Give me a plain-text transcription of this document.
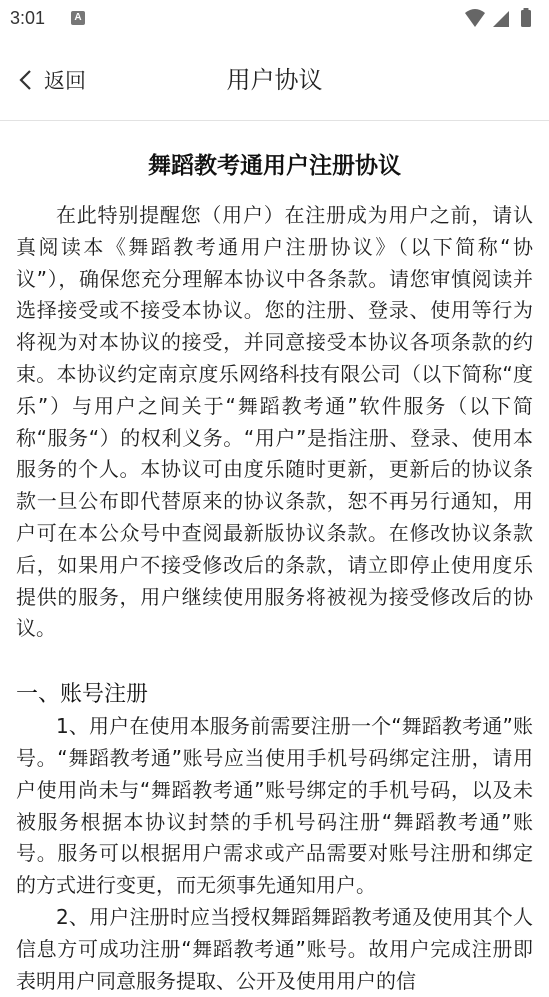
3:01	A
返回	用户协议
舞蹈教考通用户注册协议

在此特别提醒您（用户）在注册成为用户之前，请认真阅读本《舞蹈教考通用户注册协议》（以下简称“协议”），确保您充分理解本协议中各条款。请您审慎阅读并选择接受或不接受本协议。您的注册、登录、使用等行为将视为对本协议的接受，并同意接受本协议各项条款的约束。本协议约定南京度乐网络科技有限公司（以下简称“度乐”）与用户之间关于“舞蹈教考通”软件服务（以下简称“服务“）的权利义务。“用户”是指注册、登录、使用本服务的个人。本协议可由度乐随时更新，更新后的协议条款一旦公布即代替原来的协议条款，恕不再另行通知，用户可在本公众号中查阅最新版协议条款。在修改协议条款后，如果用户不接受修改后的条款，请立即停止使用度乐提供的服务，用户继续使用服务将被视为接受修改后的协议。

一、账号注册

1、用户在使用本服务前需要注册一个“舞蹈教考通”账号。“舞蹈教考通”账号应当使用手机号码绑定注册，请用户使用尚未与“舞蹈教考通”账号绑定的手机号码，以及未被服务根据本协议封禁的手机号码注册“舞蹈教考通”账号。服务可以根据用户需求或产品需要对账号注册和绑定的方式进行变更，而无须事先通知用户。

2、用户注册时应当授权舞蹈舞蹈教考通及使用其个人信息方可成功注册“舞蹈教考通”账号。故用户完成注册即表明用户同意服务提取、公开及使用用户的信
